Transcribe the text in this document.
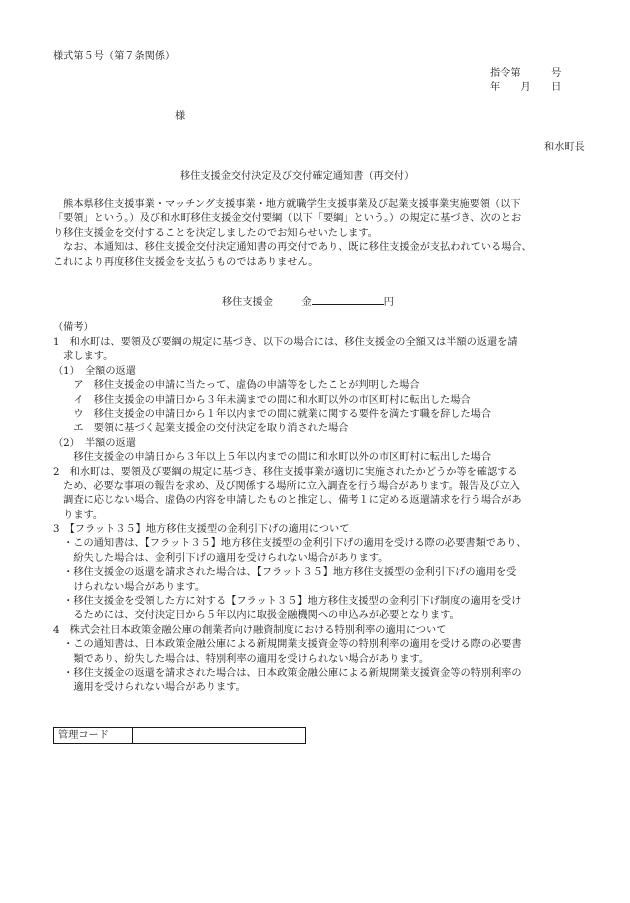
様式第５号（第７条関係）
指令第　　　号
年　　月　　日
様
和水町長
移住支援金交付決定及び交付確定通知書（再交付）
　熊本県移住支援事業・マッチング支援事業・地方就職学生支援事業及び起業支援事業実施要領（以下
「要領」という。）及び和水町移住支援金交付要綱（以下「要綱」という。）の規定に基づき、次のとお
り移住支援金を交付することを決定しましたのでお知らせいたします。
　なお、本通知は、移住支援金交付決定通知書の再交付であり、既に移住支援金が支払われている場合、
これにより再度移住支援金を支払うものではありません。
移住支援金	金	円
（備考）
1　和水町は、要領及び要綱の規定に基づき、以下の場合には、移住支援金の全額又は半額の返還を請
　求します。
（1）　全額の返還
　　ア　移住支援金の申請に当たって、虚偽の申請等をしたことが判明した場合
　　イ　移住支援金の申請日から３年未満までの間に和水町以外の市区町村に転出した場合
　　ウ　移住支援金の申請日から１年以内までの間に就業に関する要件を満たす職を辞した場合
　　エ　要領に基づく起業支援金の交付決定を取り消された場合
（2）　半額の返還
　　移住支援金の申請日から３年以上５年以内までの間に和水町以外の市区町村に転出した場合
2　和水町は、要領及び要綱の規定に基づき、移住支援事業が適切に実施されたかどうか等を確認する
　ため、必要な事項の報告を求め、及び関係する場所に立入調査を行う場合があります。報告及び立入
　調査に応じない場合、虚偽の内容を申請したものと推定し、備考１に定める返還請求を行う場合があ
　ります。
3　【フラット３５】地方移住支援型の金利引下げの適用について
　・この通知書は、【フラット３５】地方移住支援型の金利引下げの適用を受ける際の必要書類であり、
　　紛失した場合は、金利引下げの適用を受けられない場合があります。
　・移住支援金の返還を請求された場合は、【フラット３５】地方移住支援型の金利引下げの適用を受
　　けられない場合があります。
　・移住支援金を受領した方に対する【フラット３５】地方移住支援型の金利引下げ制度の適用を受け
　　るためには、交付決定日から５年以内に取扱金融機関への申込みが必要となります。
4　株式会社日本政策金融公庫の創業者向け融資制度における特別利率の適用について
　・この通知書は、日本政策金融公庫による新規開業支援資金等の特別利率の適用を受ける際の必要書
　　類であり、紛失した場合は、特別利率の適用を受けられない場合があります。
　・移住支援金の返還を請求された場合は、日本政策金融公庫による新規開業支援資金等の特別利率の
　　適用を受けられない場合があります。
管理コード	
